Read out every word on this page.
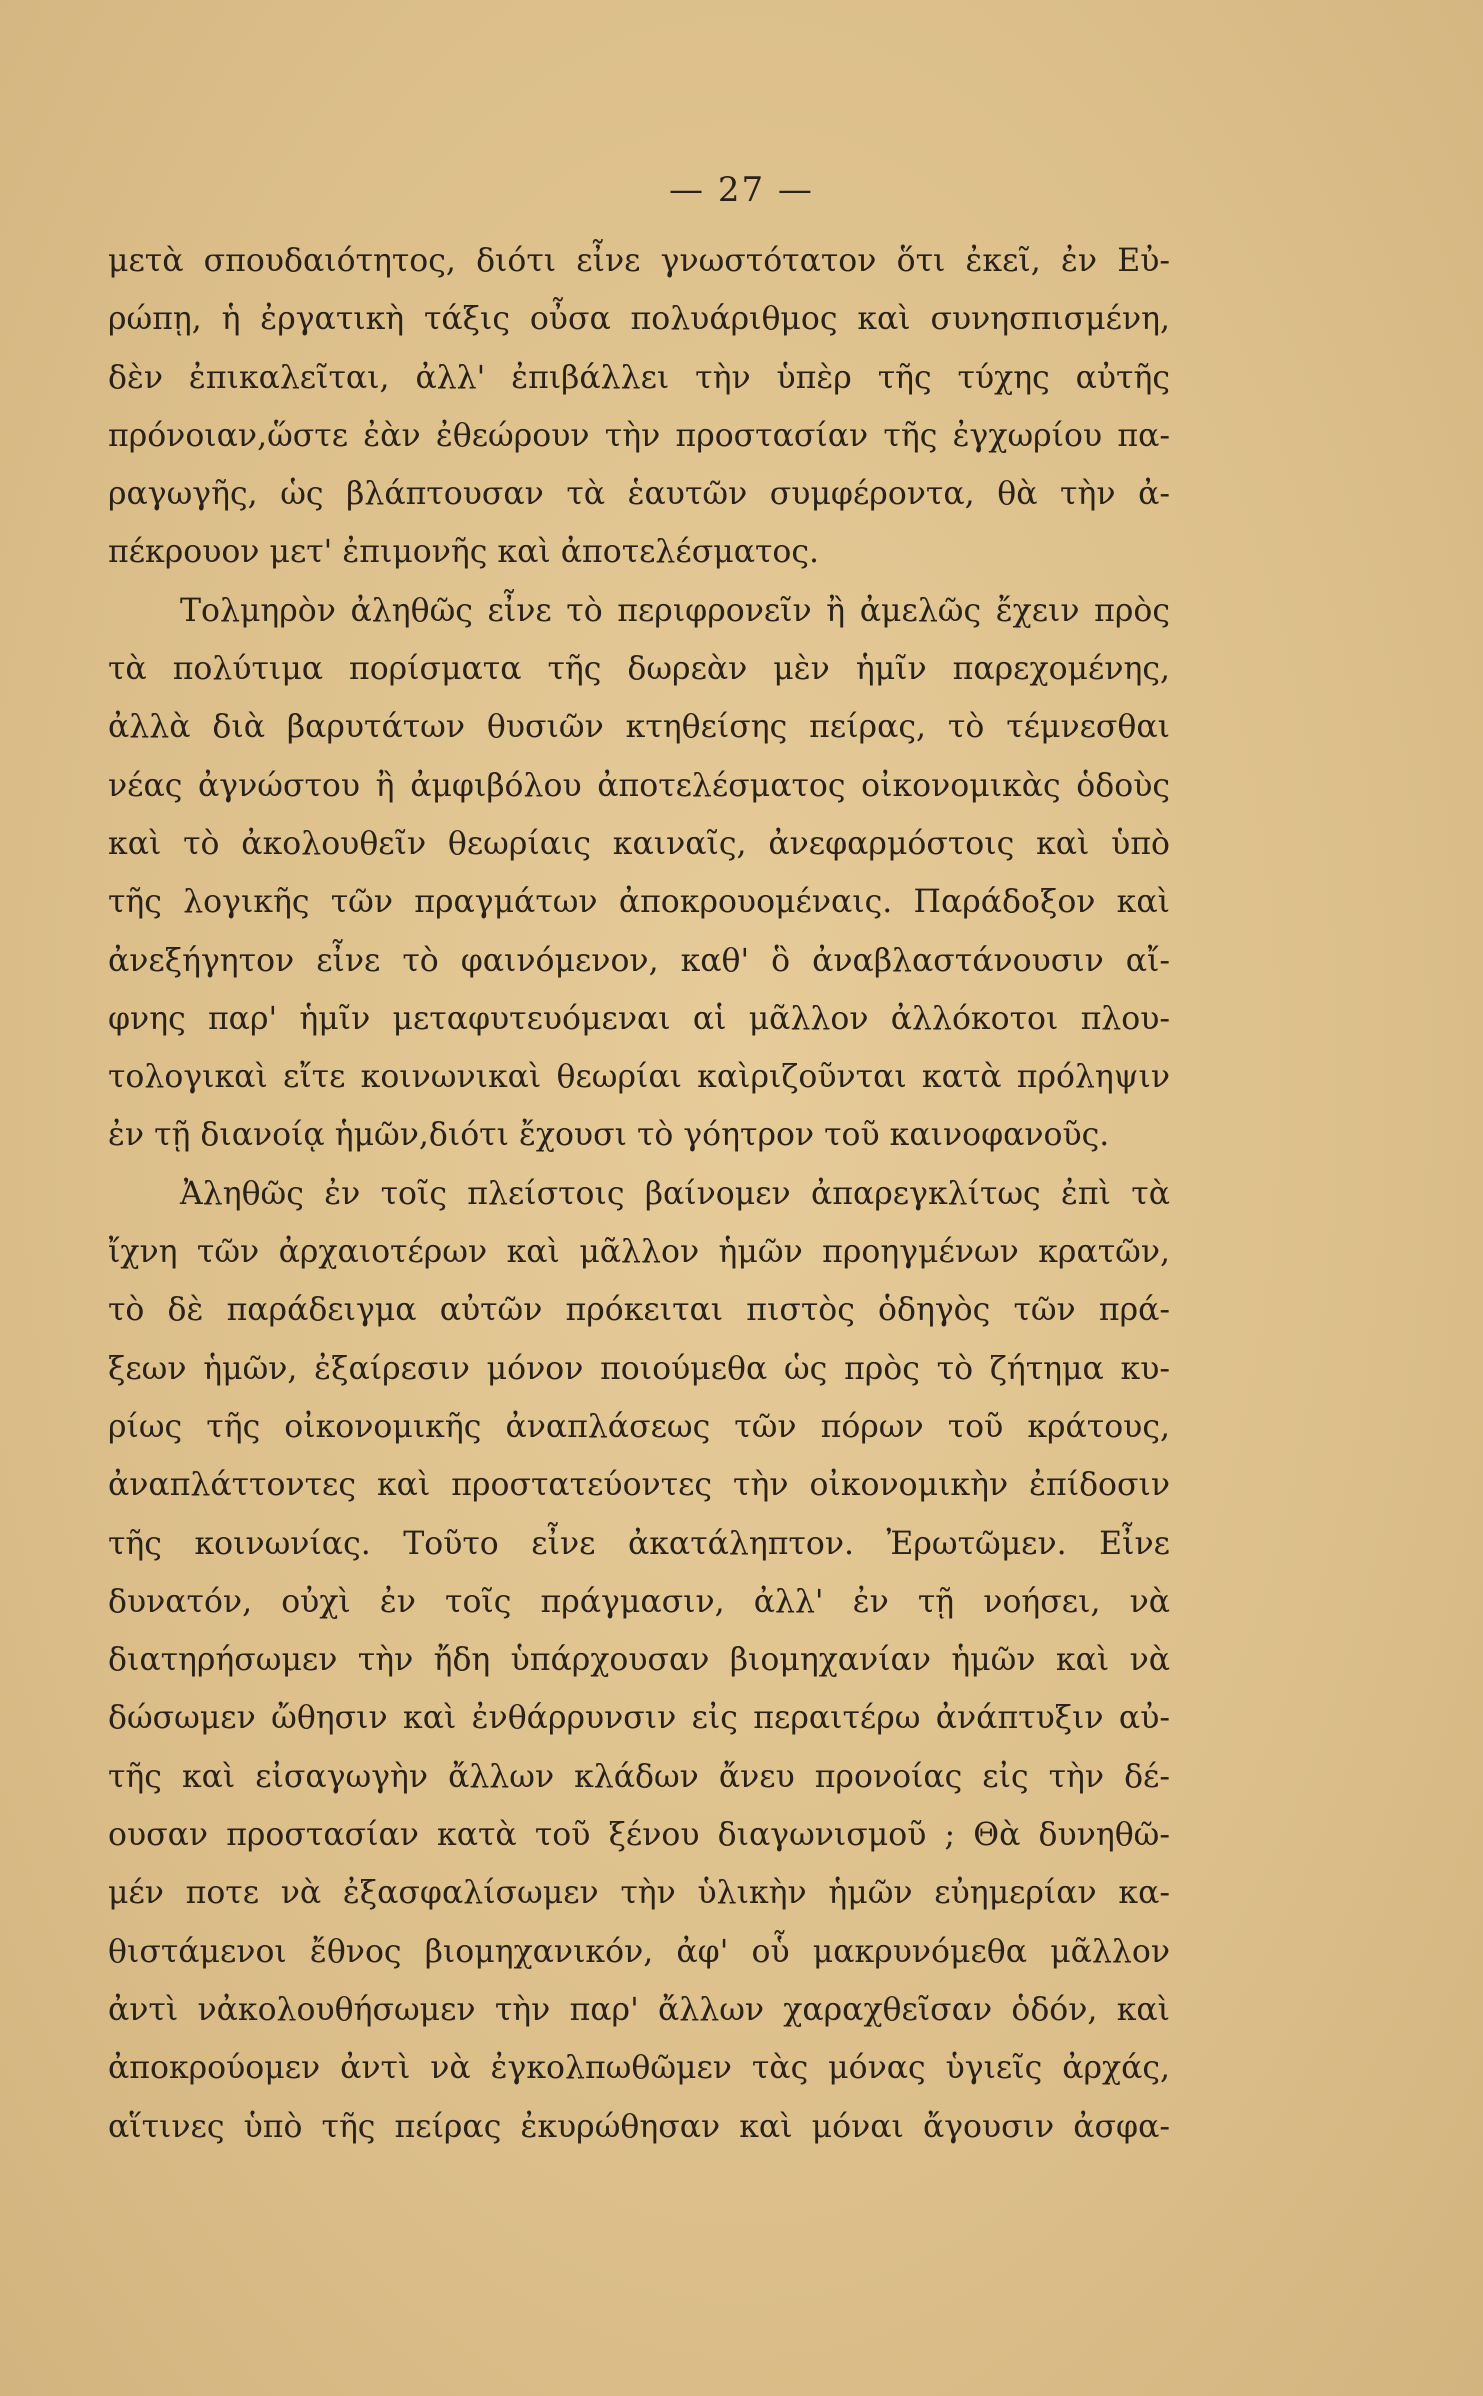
— 27 —
μετὰ σπουδαιότητος, διότι εἶνε γνωστότατον ὅτι ἐκεῖ, ἐν Εὐ-
ρώπῃ, ἡ ἐργατικὴ τάξις οὖσα πολυάριθμος καὶ συνησπισμένη,
δὲν ἐπικαλεῖται, ἀλλ' ἐπιβάλλει τὴν ὑπὲρ τῆς τύχης αὐτῆς
πρόνοιαν,ὥστε ἐὰν ἐθεώρουν τὴν προστασίαν τῆς ἐγχωρίου πα-
ραγωγῆς, ὡς βλάπτουσαν τὰ ἑαυτῶν συμφέροντα, θὰ τὴν ἀ-
πέκρουον μετ' ἐπιμονῆς καὶ ἀποτελέσματος.
Τολμηρὸν ἀληθῶς εἶνε τὸ περιφρονεῖν ἢ ἀμελῶς ἔχειν πρὸς
τὰ πολύτιμα πορίσματα τῆς δωρεὰν μὲν ἡμῖν παρεχομένης,
ἀλλὰ διὰ βαρυτάτων θυσιῶν κτηθείσης πείρας, τὸ τέμνεσθαι
νέας ἀγνώστου ἢ ἀμφιβόλου ἀποτελέσματος οἰκονομικὰς ὁδοὺς
καὶ τὸ ἀκολουθεῖν θεωρίαις καιναῖς, ἀνεφαρμόστοις καὶ ὑπὸ
τῆς λογικῆς τῶν πραγμάτων ἀποκρουομέναις. Παράδοξον καὶ
ἀνεξήγητον εἶνε τὸ φαινόμενον, καθ' ὃ ἀναβλαστάνουσιν αἴ-
φνης παρ' ἡμῖν μεταφυτευόμεναι αἱ μᾶλλον ἀλλόκοτοι πλου-
τολογικαὶ εἴτε κοινωνικαὶ θεωρίαι καὶριζοῦνται κατὰ πρόληψιν
ἐν τῇ διανοίᾳ ἡμῶν,διότι ἔχουσι τὸ γόητρον τοῦ καινοφανοῦς.
Ἀληθῶς ἐν τοῖς πλείστοις βαίνομεν ἀπαρεγκλίτως ἐπὶ τὰ
ἴχνη τῶν ἀρχαιοτέρων καὶ μᾶλλον ἡμῶν προηγμένων κρατῶν,
τὸ δὲ παράδειγμα αὐτῶν πρόκειται πιστὸς ὁδηγὸς τῶν πρά-
ξεων ἡμῶν, ἐξαίρεσιν μόνον ποιούμεθα ὡς πρὸς τὸ ζήτημα κυ-
ρίως τῆς οἰκονομικῆς ἀναπλάσεως τῶν πόρων τοῦ κράτους,
ἀναπλάττοντες καὶ προστατεύοντες τὴν οἰκονομικὴν ἐπίδοσιν
τῆς κοινωνίας. Τοῦτο εἶνε ἀκατάληπτον. Ἐρωτῶμεν. Εἶνε
δυνατόν, οὐχὶ ἐν τοῖς πράγμασιν, ἀλλ' ἐν τῇ νοήσει, νὰ
διατηρήσωμεν τὴν ἤδη ὑπάρχουσαν βιομηχανίαν ἡμῶν καὶ νὰ
δώσωμεν ὤθησιν καὶ ἐνθάρρυνσιν εἰς περαιτέρω ἀνάπτυξιν αὐ-
τῆς καὶ εἰσαγωγὴν ἄλλων κλάδων ἄνευ προνοίας εἰς τὴν δέ-
ουσαν προστασίαν κατὰ τοῦ ξένου διαγωνισμοῦ ; Θὰ δυνηθῶ-
μέν ποτε νὰ ἐξασφαλίσωμεν τὴν ὑλικὴν ἡμῶν εὐημερίαν κα-
θιστάμενοι ἔθνος βιομηχανικόν, ἀφ' οὗ μακρυνόμεθα μᾶλλον
ἀντὶ νἀκολουθήσωμεν τὴν παρ' ἄλλων χαραχθεῖσαν ὁδόν, καὶ
ἀποκρούομεν ἀντὶ νὰ ἐγκολπωθῶμεν τὰς μόνας ὑγιεῖς ἀρχάς,
αἵτινες ὑπὸ τῆς πείρας ἐκυρώθησαν καὶ μόναι ἄγουσιν ἀσφα-
